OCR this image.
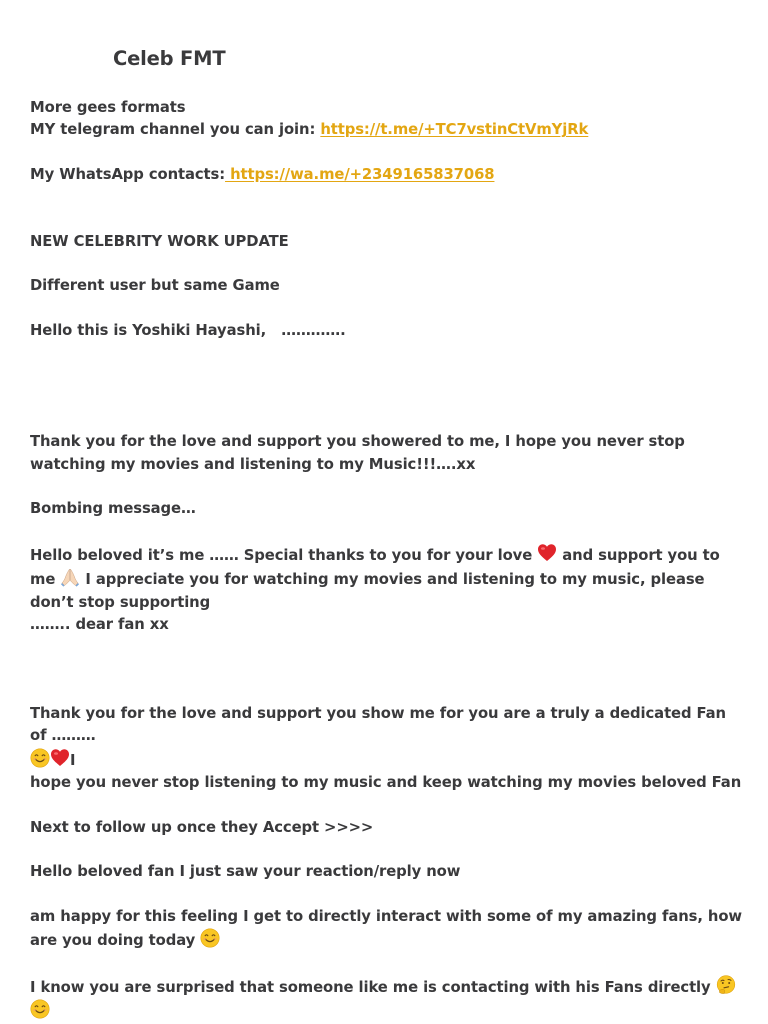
Celeb FMT

More gees formats

MY telegram channel you can join: https://t.me/+TC7vstinCtVmYjRk

My WhatsApp contacts: https://wa.me/+2349165837068

NEW CELEBRITY WORK UPDATE

Different user but same Game

Hello this is Yoshiki Hayashi,   ………….

Thank you for the love and support you showered to me, I hope you never stop watching my movies and listening to my Music!!!….xx

Bombing message…

Hello beloved it’s me …… Special thanks to you for your love  and support you to me  I appreciate you for watching my movies and listening to my music, please don’t stop supporting

…….. dear fan xx

Thank you for the love and support you show me for you are a truly a dedicated Fan of ………
I

hope you never stop listening to my music and keep watching my movies beloved Fan

Next to follow up once they Accept >>>>

Hello beloved fan I just saw your reaction/reply now

am happy for this feeling I get to directly interact with some of my amazing fans, how are you doing today

I know you are surprised that someone like me is contacting with his Fans directly
